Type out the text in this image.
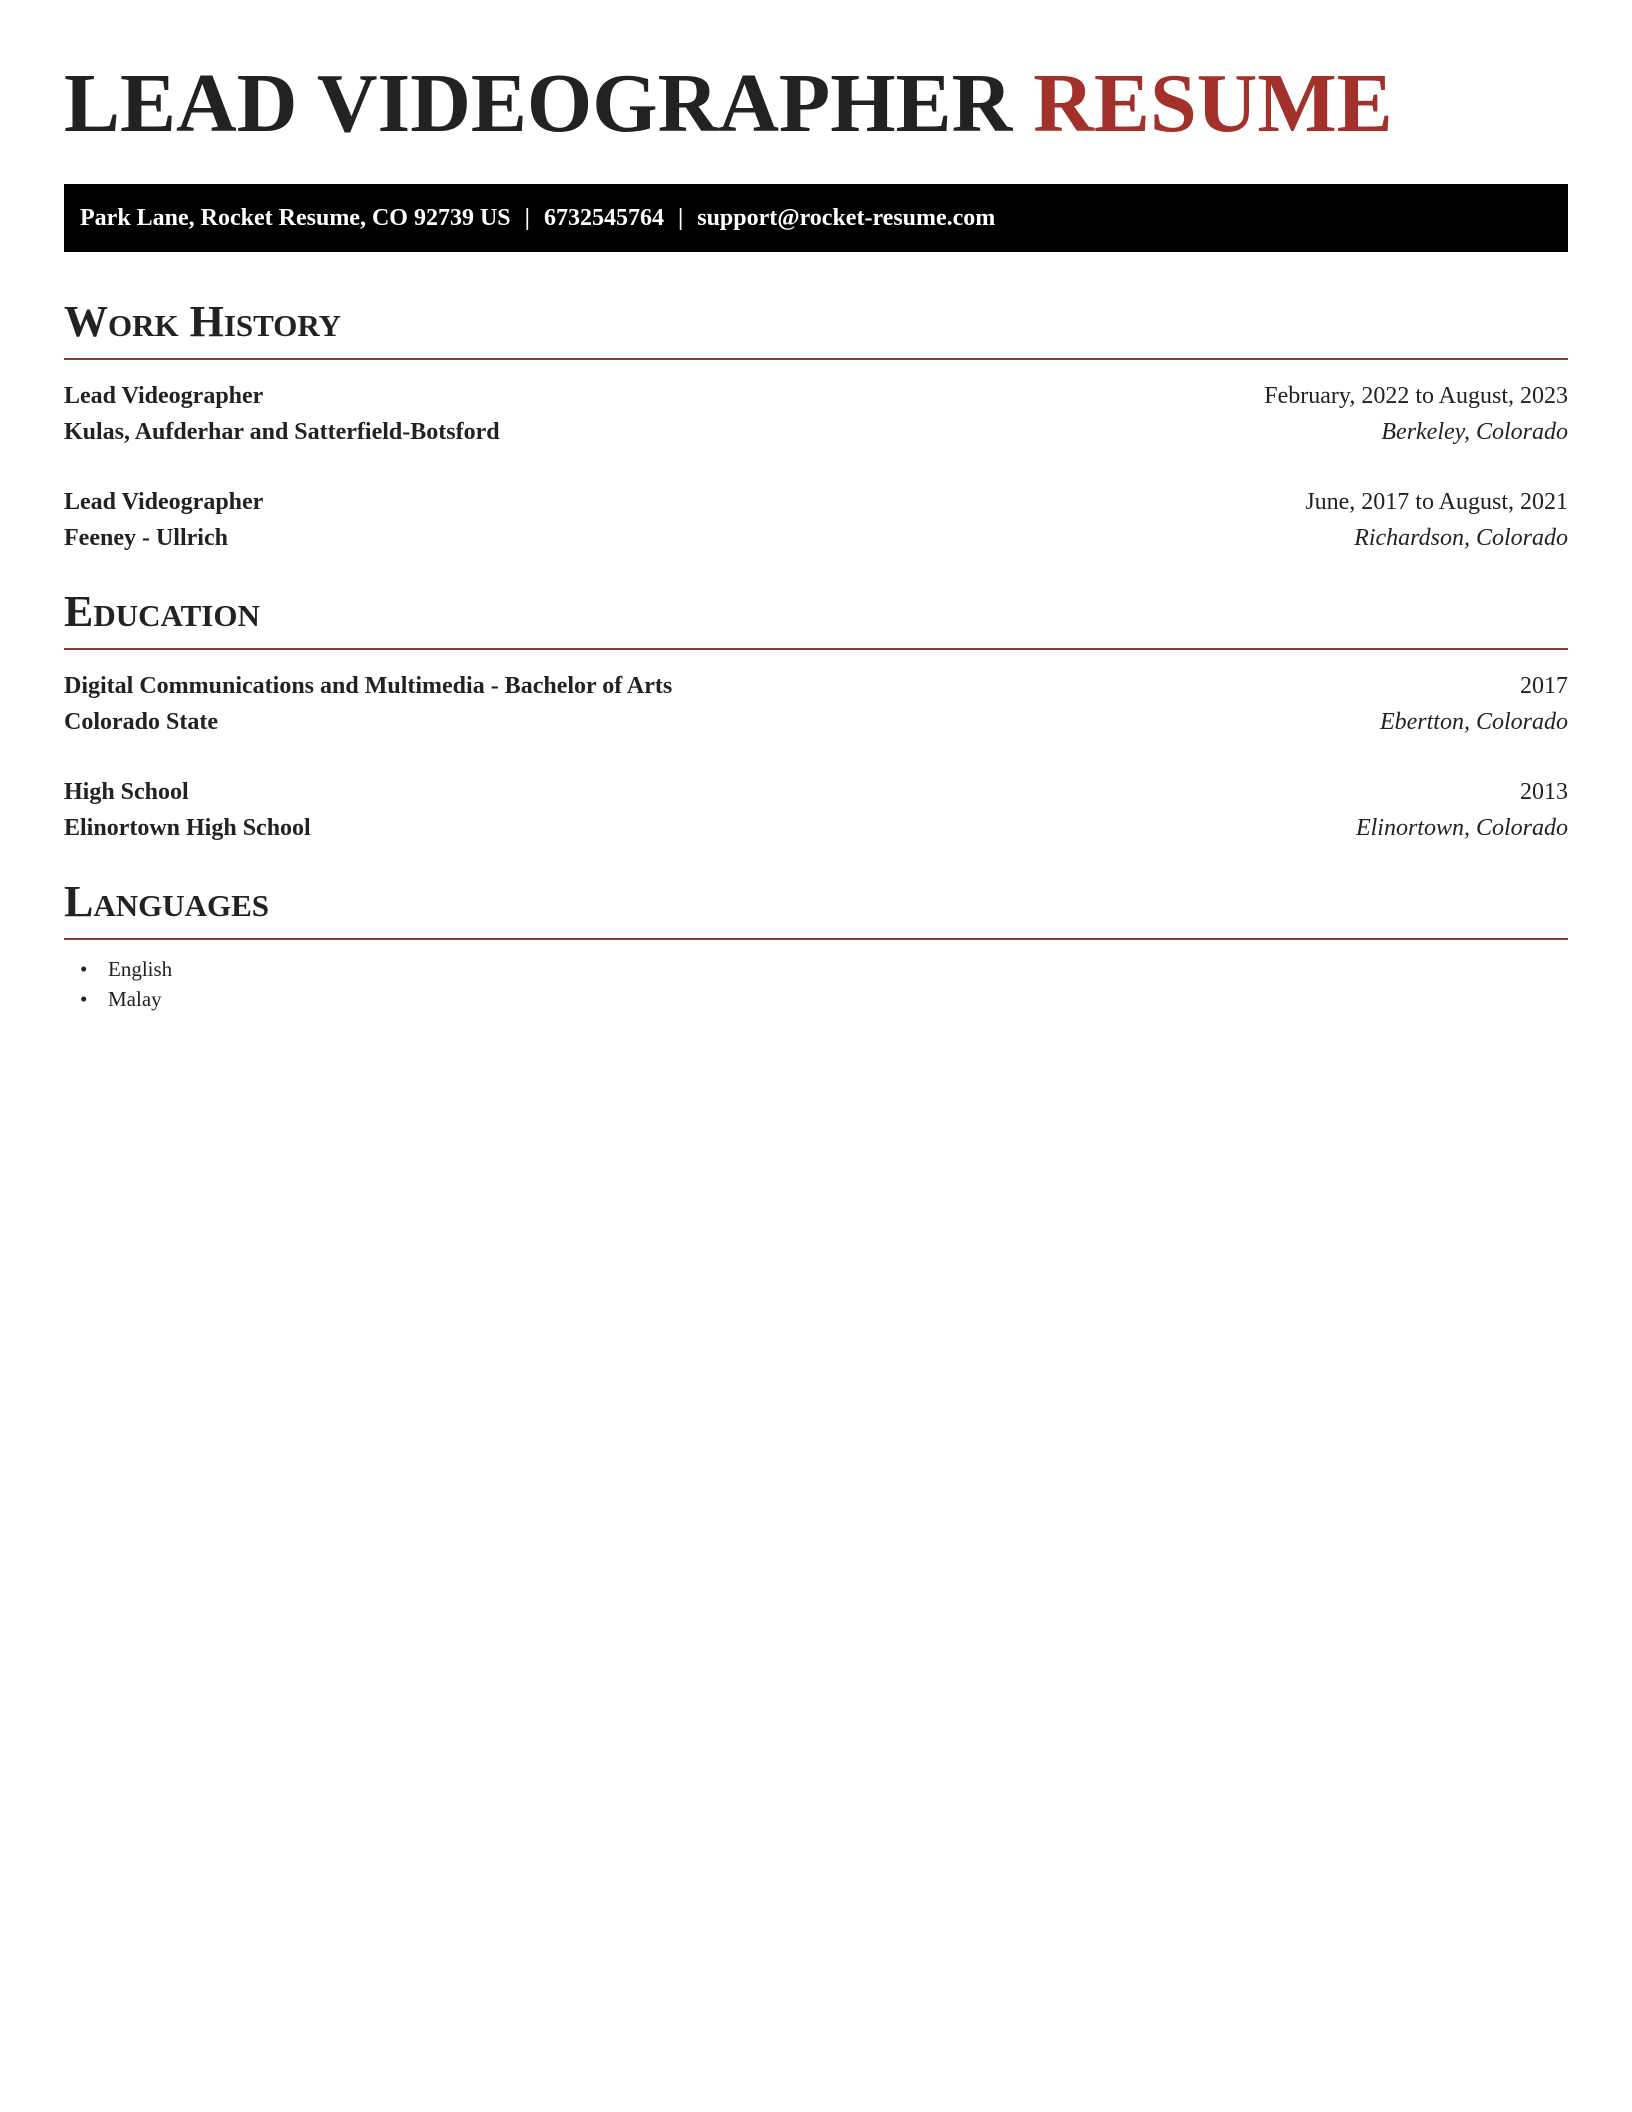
LEAD VIDEOGRAPHER RESUME
Park Lane, Rocket Resume, CO 92739 US | 6732545764 | support@rocket-resume.com
Work History
Lead Videographer	February, 2022 to August, 2023
Kulas, Aufderhar and Satterfield-Botsford	Berkeley, Colorado
Lead Videographer	June, 2017 to August, 2021
Feeney - Ullrich	Richardson, Colorado
Education
Digital Communications and Multimedia - Bachelor of Arts	2017
Colorado State	Ebertton, Colorado
High School	2013
Elinortown High School	Elinortown, Colorado
Languages
• English
• Malay
